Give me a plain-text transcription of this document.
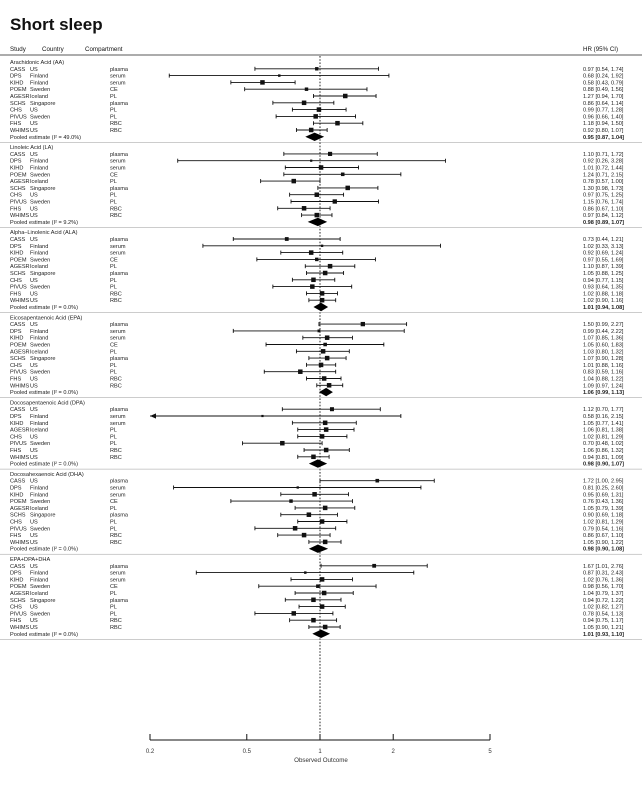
Short sleep
Study	Country	Compartment	HR (95% CI)
Arachidonic Acid (AA)
CASS US	plasma	0.97 [0.54, 1.74]
DPS Finland	serum	0.68 [0.24, 1.92]
KIHD Finland	serum	0.58 [0.43, 0.79]
POEM Sweden	CE	0.88 [0.49, 1.56]
AGESR Iceland	PL	1.27 [0.94, 1.70]
SCHS Singapore	plasma	0.86 [0.64, 1.14]
CHS US	PL	0.99 [0.77, 1.28]
PIVUS Sweden	PL	0.96 [0.66, 1.40]
FHS US	RBC	1.18 [0.94, 1.50]
WHIMS US	RBC	0.92 [0.80, 1.07]
Pooled estimate (I² = 49.0%)	0.95 [0.87, 1.04]
Linoleic Acid (LA)
CASS US	plasma	1.10 [0.71, 1.72]
DPS Finland	serum	0.92 [0.26, 3.28]
KIHD Finland	serum	1.01 [0.72, 1.44]
POEM Sweden	CE	1.24 [0.71, 2.15]
AGESR Iceland	PL	0.78 [0.57, 1.00]
SCHS Singapore	plasma	1.30 [0.98, 1.73]
CHS US	PL	0.97 [0.75, 1.25]
PIVUS Sweden	PL	1.15 [0.76, 1.74]
FHS US	RBC	0.86 [0.67, 1.10]
WHIMS US	RBC	0.97 [0.84, 1.12]
Pooled estimate (I² = 9.2%)	0.98 [0.89, 1.07]
Alpha–Linolenic Acid (ALA)
CASS US	plasma	0.73 [0.44, 1.21]
DPS Finland	serum	1.02 [0.33, 3.13]
KIHD Finland	serum	0.92 [0.69, 1.24]
POEM Sweden	CE	0.97 [0.55, 1.69]
AGESR Iceland	PL	1.10 [0.87, 1.39]
SCHS Singapore	plasma	1.05 [0.88, 1.25]
CHS US	PL	0.94 [0.77, 1.15]
PIVUS Sweden	PL	0.93 [0.64, 1.35]
FHS US	RBC	1.02 [0.88, 1.18]
WHIMS US	RBC	1.02 [0.90, 1.16]
Pooled estimate (I² = 0.0%)	1.01 [0.94, 1.08]
Eicosapentaenoic Acid (EPA)
CASS US	plasma	1.50 [0.99, 2.27]
DPS Finland	serum	0.99 [0.44, 2.22]
KIHD Finland	serum	1.07 [0.85, 1.36]
POEM Sweden	CE	1.05 [0.60, 1.83]
AGESR Iceland	PL	1.03 [0.80, 1.32]
SCHS Singapore	plasma	1.07 [0.90, 1.28]
CHS US	PL	1.01 [0.88, 1.16]
PIVUS Sweden	PL	0.83 [0.59, 1.16]
FHS US	RBC	1.04 [0.88, 1.22]
WHIMS US	RBC	1.09 [0.97, 1.24]
Pooled estimate (I² = 0.0%)	1.06 [0.99, 1.13]
Docosapentaenoic Acid (DPA)
CASS US	plasma	1.12 [0.70, 1.77]
DPS Finland	serum	0.58 [0.16, 2.15]
KIHD Finland	serum	1.05 [0.77, 1.41]
AGESR Iceland	PL	1.06 [0.81, 1.38]
CHS US	PL	1.02 [0.81, 1.29]
PIVUS Sweden	PL	0.70 [0.48, 1.02]
FHS US	RBC	1.06 [0.86, 1.32]
WHIMS US	RBC	0.94 [0.81, 1.09]
Pooled estimate (I² = 0.0%)	0.98 [0.90, 1.07]
Docosahexaenoic Acid (DHA)
CASS US	plasma	1.72 [1.00, 2.95]
DPS Finland	serum	0.81 [0.25, 2.60]
KIHD Finland	serum	0.95 [0.69, 1.31]
POEM Sweden	CE	0.76 [0.43, 1.36]
AGESR Iceland	PL	1.05 [0.79, 1.39]
SCHS Singapore	plasma	0.90 [0.69, 1.18]
CHS US	PL	1.02 [0.81, 1.29]
PIVUS Sweden	PL	0.79 [0.54, 1.16]
FHS US	RBC	0.86 [0.67, 1.10]
WHIMS US	RBC	1.05 [0.90, 1.22]
Pooled estimate (I² = 0.0%)	0.98 [0.90, 1.08]
EPA+DPA+DHA
CASS US	plasma	1.67 [1.01, 2.76]
DPS Finland	serum	0.87 [0.31, 2.43]
KIHD Finland	serum	1.02 [0.76, 1.36]
POEM Sweden	CE	0.98 [0.56, 1.70]
AGESR Iceland	PL	1.04 [0.79, 1.37]
SCHS Singapore	plasma	0.94 [0.72, 1.22]
CHS US	PL	1.02 [0.82, 1.27]
PIVUS Sweden	PL	0.78 [0.54, 1.13]
FHS US	RBC	0.94 [0.75, 1.17]
WHIMS US	RBC	1.05 [0.90, 1.21]
Pooled estimate (I² = 0.0%)	1.01 [0.93, 1.10]
0.2	0.5	1	2	5
Observed Outcome
